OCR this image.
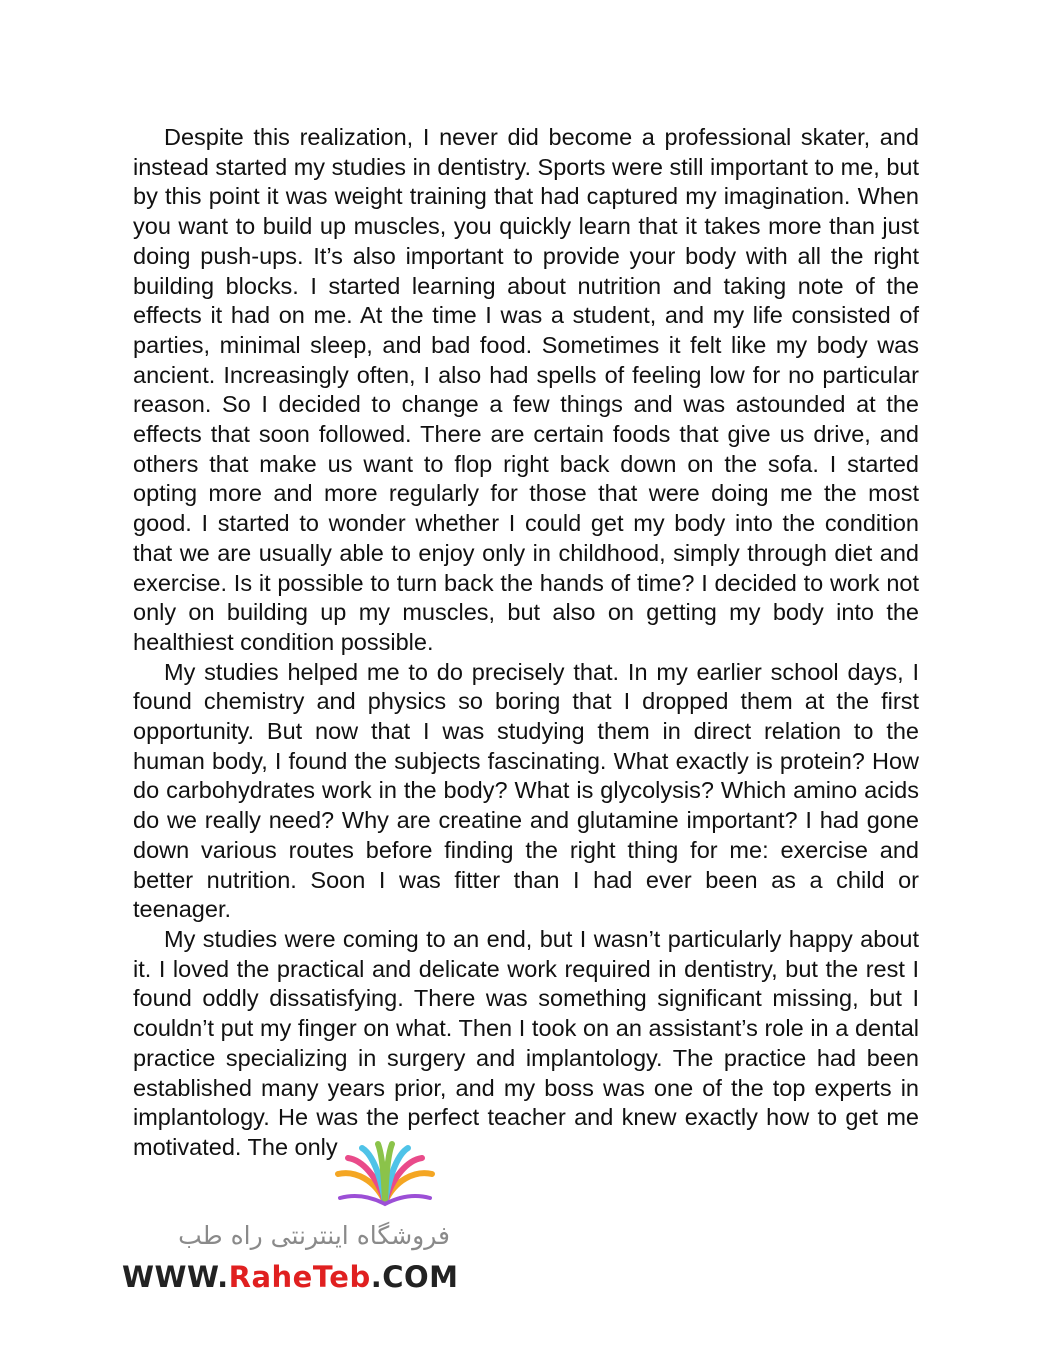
Despite this realization, I never did become a professional skater, and instead started my studies in dentistry. Sports were still important to me, but by this point it was weight training that had captured my imagination. When you want to build up muscles, you quickly learn that it takes more than just doing push-ups. It’s also important to provide your body with all the right building blocks. I started learning about nutrition and taking note of the effects it had on me. At the time I was a student, and my life consisted of parties, minimal sleep, and bad food. Sometimes it felt like my body was ancient. Increasingly often, I also had spells of feeling low for no particular reason. So I decided to change a few things and was astounded at the effects that soon followed. There are certain foods that give us drive, and others that make us want to flop right back down on the sofa. I started opting more and more regularly for those that were doing me the most good. I started to wonder whether I could get my body into the condition that we are usually able to enjoy only in childhood, simply through diet and exercise. Is it possible to turn back the hands of time? I decided to work not only on building up my muscles, but also on getting my body into the healthiest condition possible.

My studies helped me to do precisely that. In my earlier school days, I found chemistry and physics so boring that I dropped them at the first opportunity. But now that I was studying them in direct relation to the human body, I found the subjects fascinating. What exactly is protein? How do carbohydrates work in the body? What is glycolysis? Which amino acids do we really need? Why are creatine and glutamine important? I had gone down various routes before finding the right thing for me: exercise and better nutrition. Soon I was fitter than I had ever been as a child or teenager.

My studies were coming to an end, but I wasn’t particularly happy about it. I loved the practical and delicate work required in dentistry, but the rest I found oddly dissatisfying. There was something significant missing, but I couldn’t put my finger on what. Then I took on an assistant’s role in a dental practice specializing in surgery and implantology. The practice had been established many years prior, and my boss was one of the top experts in implantology. He was the perfect teacher and knew exactly how to get me motivated. The only

فروشگاه اینترنتی راه طب
WWW.RaheTeb.COM
